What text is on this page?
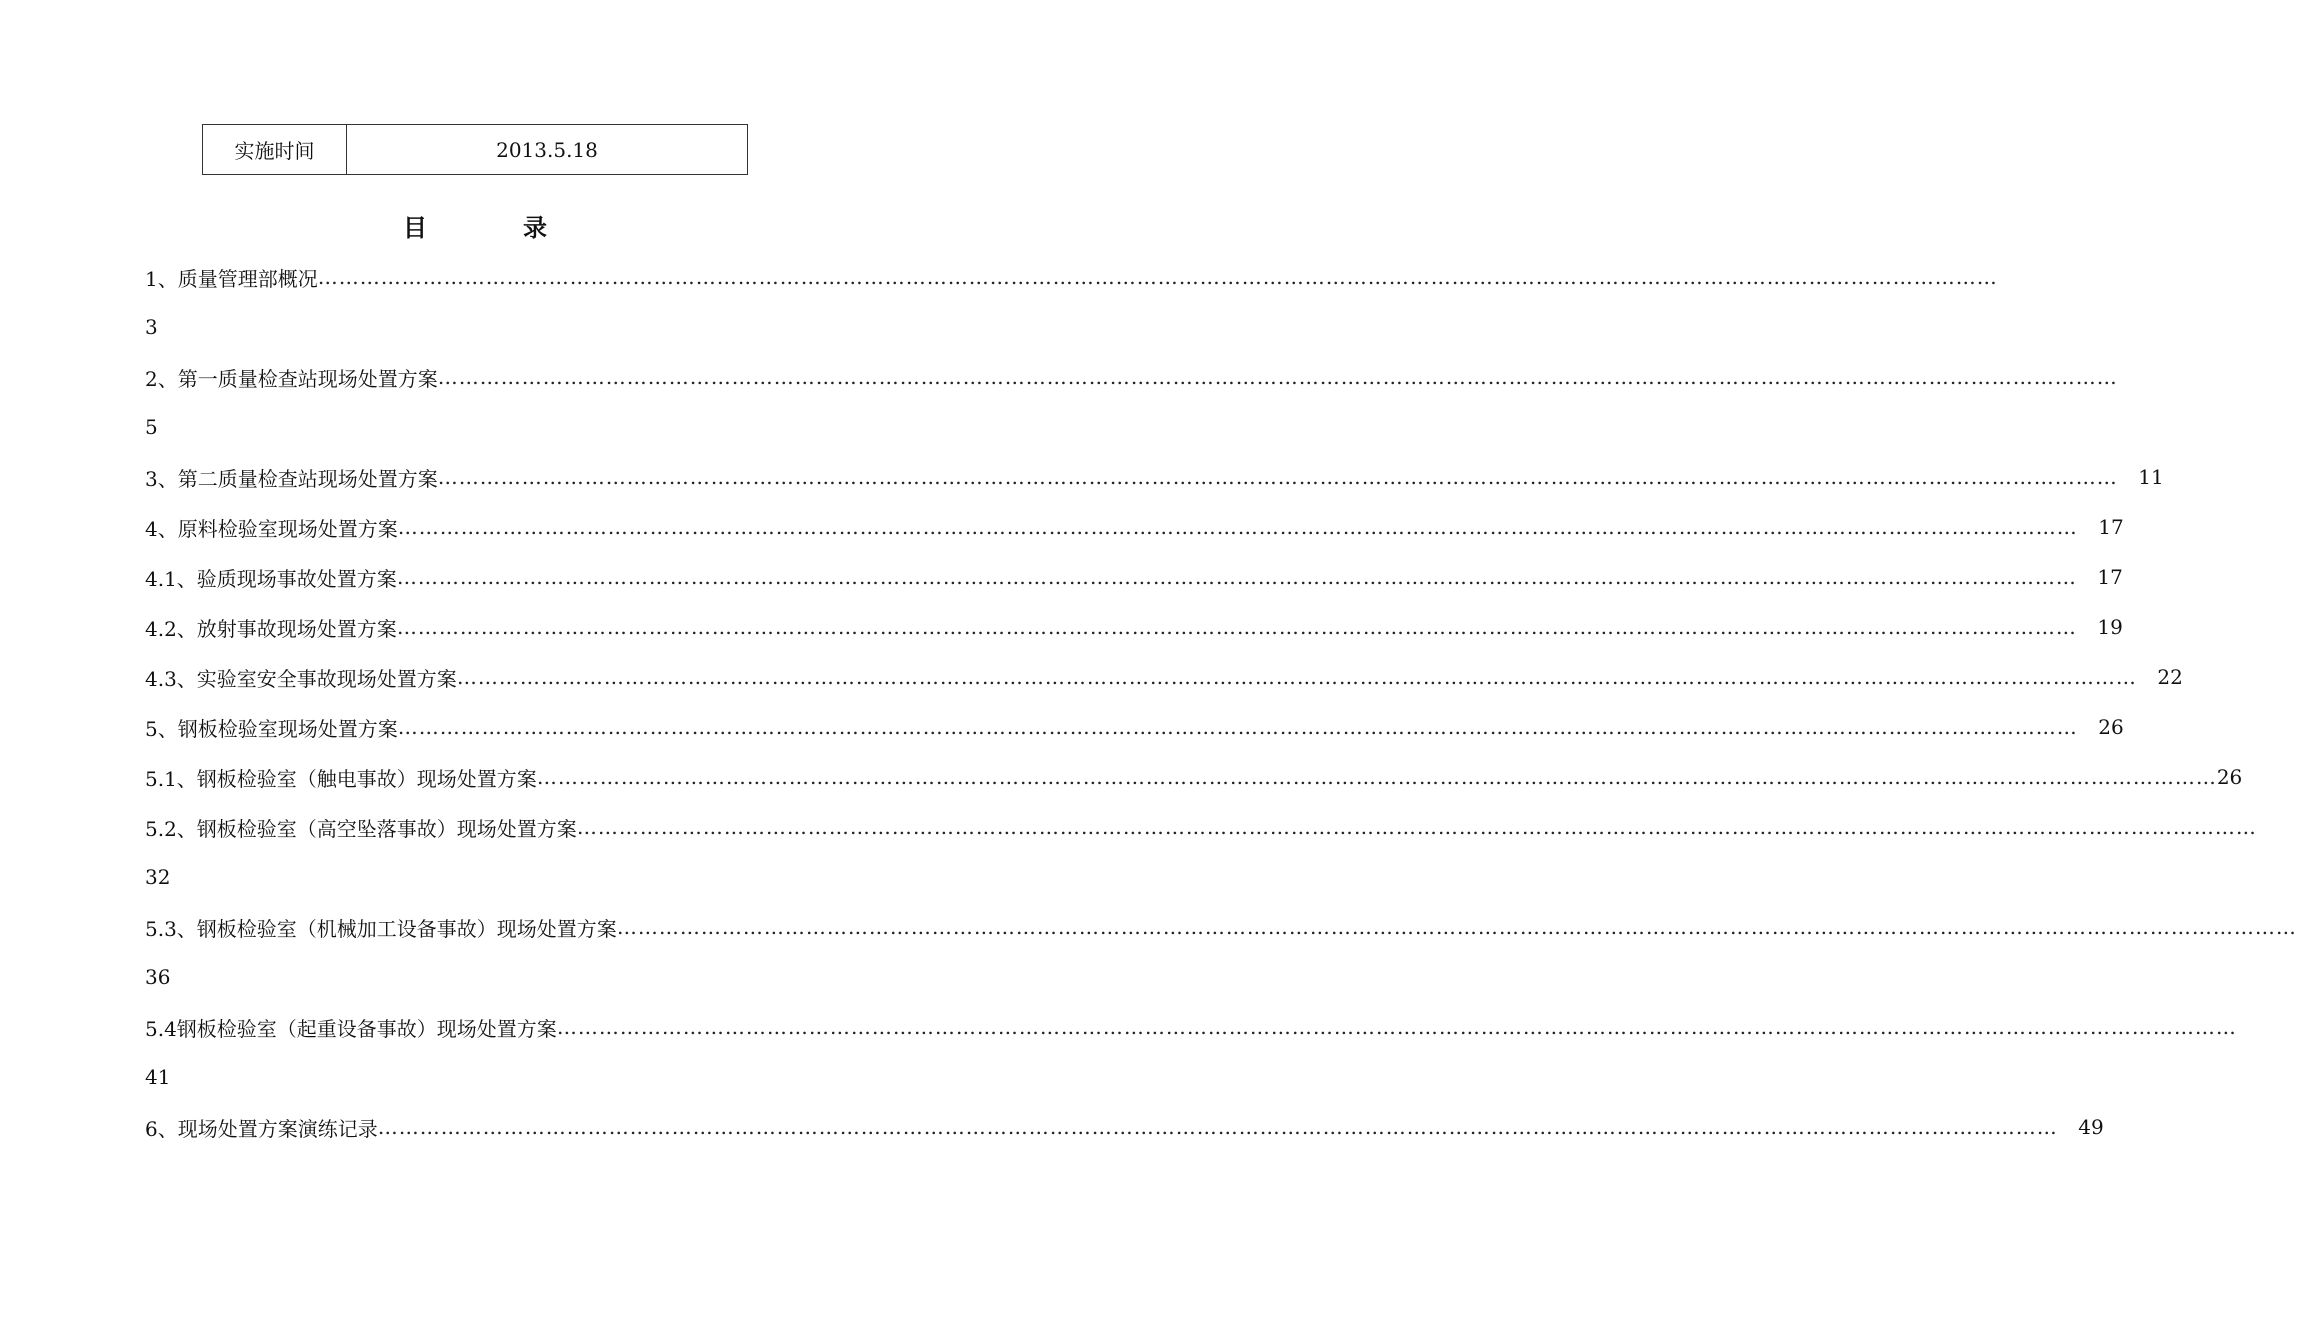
实施时间	2013.5.18
目	录
1、质量管理部概况 ……………………………………………………………………………………………………………………………………………………………………………………………………………………
3
2、第一质量检查站现场处置方案 ……………………………………………………………………………………………………………………………………………………………………………………………………………………
5
3、第二质量检查站现场处置方案 ……………………………………………………………………………………………………………………………………………………………………………………………………………………	11
4、原料检验室现场处置方案 ……………………………………………………………………………………………………………………………………………………………………………………………………………………	17
4.1、验质现场事故处置方案 ……………………………………………………………………………………………………………………………………………………………………………………………………………………	17
4.2、放射事故现场处置方案 ……………………………………………………………………………………………………………………………………………………………………………………………………………………	19
4.3、实验室安全事故现场处置方案 ……………………………………………………………………………………………………………………………………………………………………………………………………………………	22
5、钢板检验室现场处置方案 ……………………………………………………………………………………………………………………………………………………………………………………………………………………	26
5.1、钢板检验室（触电事故）现场处置方案 …………………………………………………………………………………………………………………………………………………………………………………………………………………… 26
5.2、钢板检验室（高空坠落事故）现场处置方案 ……………………………………………………………………………………………………………………………………………………………………………………………………………………
32
5.3、钢板检验室（机械加工设备事故）现场处置方案 ……………………………………………………………………………………………………………………………………………………………………………………………………………………
36
5.4钢板检验室（起重设备事故）现场处置方案 ……………………………………………………………………………………………………………………………………………………………………………………………………………………
41
6、现场处置方案演练记录 ……………………………………………………………………………………………………………………………………………………………………………………………………………………	49
